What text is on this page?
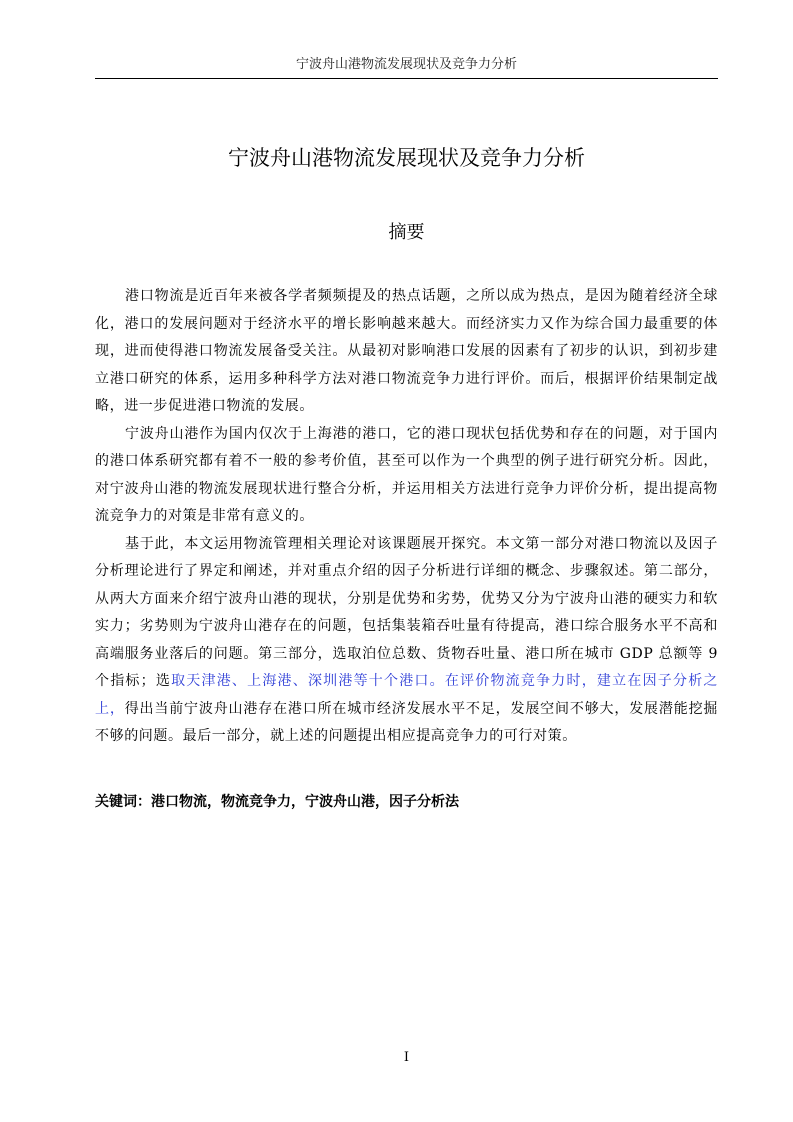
宁波舟山港物流发展现状及竞争力分析
宁波舟山港物流发展现状及竞争力分析
摘要

港口物流是近百年来被各学者频频提及的热点话题，之所以成为热点，是因为随着经济全球化，港口的发展问题对于经济水平的增长影响越来越大。而经济实力又作为综合国力最重要的体现，进而使得港口物流发展备受关注。从最初对影响港口发展的因素有了初步的认识，到初步建立港口研究的体系，运用多种科学方法对港口物流竞争力进行评价。而后，根据评价结果制定战略，进一步促进港口物流的发展。

宁波舟山港作为国内仅次于上海港的港口，它的港口现状包括优势和存在的问题，对于国内的港口体系研究都有着不一般的参考价值，甚至可以作为一个典型的例子进行研究分析。因此，对宁波舟山港的物流发展现状进行整合分析，并运用相关方法进行竞争力评价分析，提出提高物流竞争力的对策是非常有意义的。

基于此，本文运用物流管理相关理论对该课题展开探究。本文第一部分对港口物流以及因子分析理论进行了界定和阐述，并对重点介绍的因子分析进行详细的概念、步骤叙述。第二部分，从两大方面来介绍宁波舟山港的现状，分别是优势和劣势，优势又分为宁波舟山港的硬实力和软实力；劣势则为宁波舟山港存在的问题，包括集装箱吞吐量有待提高，港口综合服务水平不高和高端服务业落后的问题。第三部分，选取泊位总数、货物吞吐量、港口所在城市 GDP 总额等 9 个指标；选取天津港、上海港、深圳港等十个港口。在评价物流竞争力时，建立在因子分析之上，得出当前宁波舟山港存在港口所在城市经济发展水平不足，发展空间不够大，发展潜能挖掘不够的问题。最后一部分，就上述的问题提出相应提高竞争力的可行对策。

关键词：港口物流，物流竞争力，宁波舟山港，因子分析法

I
